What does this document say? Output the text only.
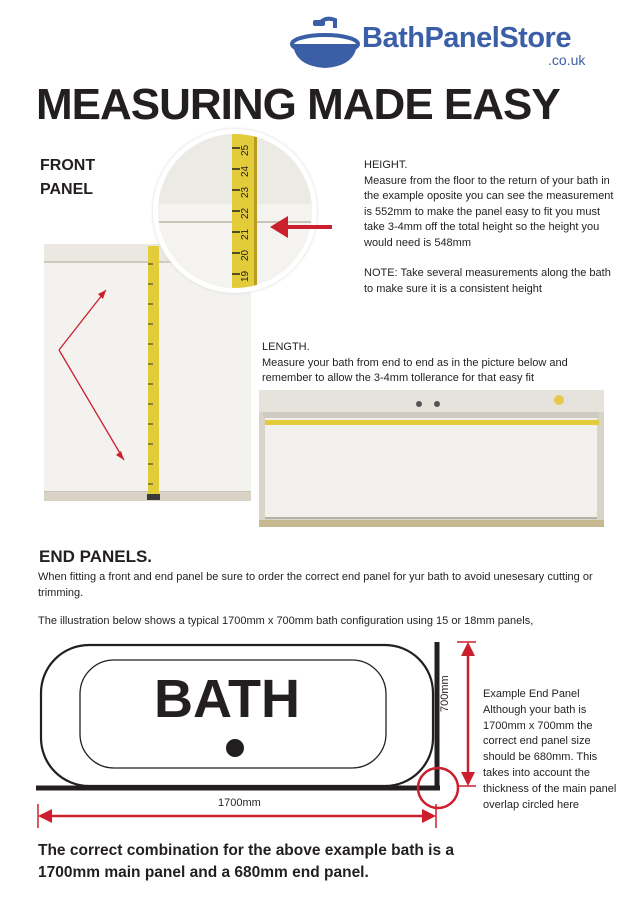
BathPanelStore
.co.uk
MEASURING MADE EASY
FRONT
PANEL
25
24
23
22
21
20
19
HEIGHT.
Measure from the floor to the return of your bath in the example oposite you can see the measurement is 552mm to make the panel easy to fit you must take 3-4mm off the total height so the height you would need is 548mm
NOTE: Take several measurements along the bath to make sure it is a consistent height
LENGTH.
Measure your bath from end to end as in the picture below and remember to allow the 3-4mm tollerance for that easy fit
END PANELS.
When fitting a front and end panel be sure to order the correct end panel for yur bath to avoid unesesary cutting or trimming.
The illustration below shows a typical 1700mm x 700mm bath configuration using 15 or 18mm panels,
BATH
1700mm
700mm	Example End Panel Although your bath is 1700mm x 700mm the correct end panel size should be 680mm. This takes into account the thickness of the main panel overlap circled here
The correct combination for the above example bath is a
1700mm main panel and a 680mm end panel.
